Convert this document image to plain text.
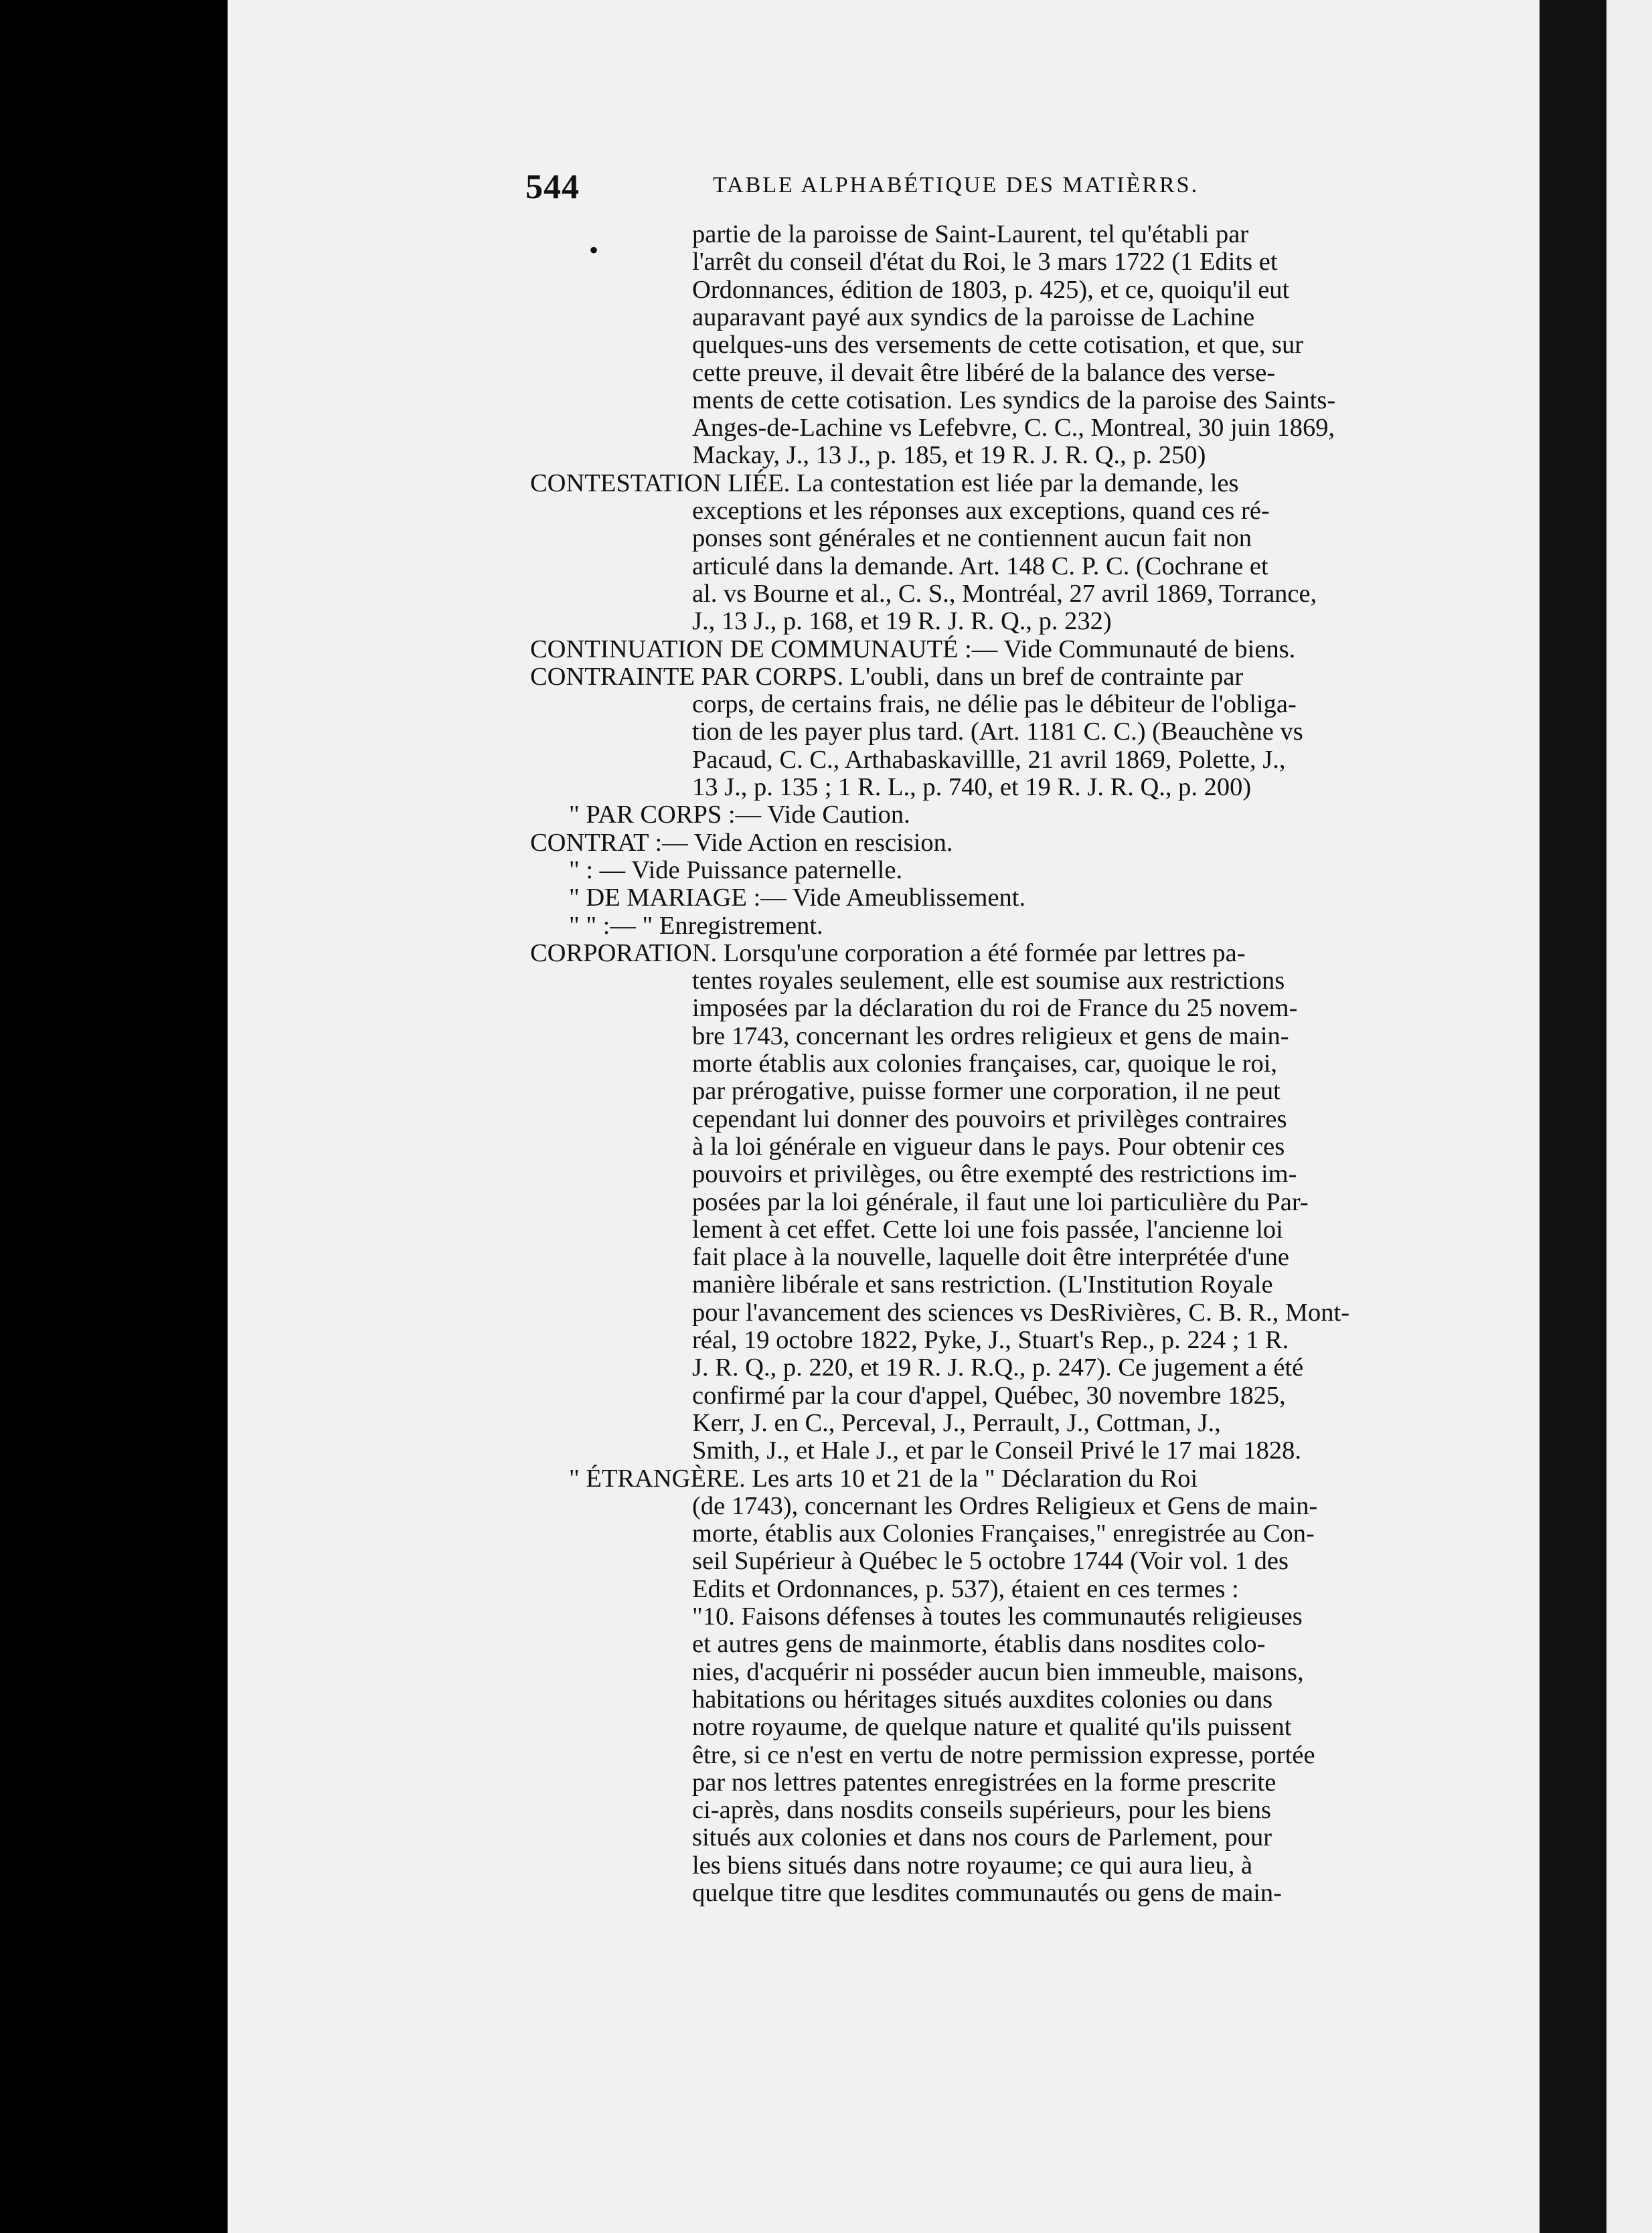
544	TABLE ALPHABÉTIQUE DES MATIÈRRS.
•
partie de la paroisse de Saint-Laurent, tel qu'établi par
l'arrêt du conseil d'état du Roi, le 3 mars 1722 (1 Edits et
Ordonnances, édition de 1803, p. 425), et ce, quoiqu'il eut
auparavant payé aux syndics de la paroisse de Lachine
quelques-uns des versements de cette cotisation, et que, sur
cette preuve, il devait être libéré de la balance des verse-
ments de cette cotisation. Les syndics de la paroise des Saints-
Anges-de-Lachine vs Lefebvre, C. C., Montreal, 30 juin 1869,
Mackay, J., 13 J., p. 185, et 19 R. J. R. Q., p. 250)
CONTESTATION LIÉE. La contestation est liée par la demande, les
exceptions et les réponses aux exceptions, quand ces ré-
ponses sont générales et ne contiennent aucun fait non
articulé dans la demande. Art. 148 C. P. C. (Cochrane et
al. vs Bourne et al., C. S., Montréal, 27 avril 1869, Torrance,
J., 13 J., p. 168, et 19 R. J. R. Q., p. 232)
CONTINUATION DE COMMUNAUTÉ :— Vide Communauté de biens.
CONTRAINTE PAR CORPS. L'oubli, dans un bref de contrainte par
corps, de certains frais, ne délie pas le débiteur de l'obliga-
tion de les payer plus tard. (Art. 1181 C. C.) (Beauchène vs
Pacaud, C. C., Arthabaskavillle, 21 avril 1869, Polette, J.,
13 J., p. 135 ; 1 R. L., p. 740, et 19 R. J. R. Q., p. 200)
" PAR CORPS :— Vide Caution.
CONTRAT :— Vide Action en rescision.
" : — Vide Puissance paternelle.
" DE MARIAGE :— Vide Ameublissement.
" " :— " Enregistrement.
CORPORATION. Lorsqu'une corporation a été formée par lettres pa-
tentes royales seulement, elle est soumise aux restrictions
imposées par la déclaration du roi de France du 25 novem-
bre 1743, concernant les ordres religieux et gens de main-
morte établis aux colonies françaises, car, quoique le roi,
par prérogative, puisse former une corporation, il ne peut
cependant lui donner des pouvoirs et privilèges contraires
à la loi générale en vigueur dans le pays. Pour obtenir ces
pouvoirs et privilèges, ou être exempté des restrictions im-
posées par la loi générale, il faut une loi particulière du Par-
lement à cet effet. Cette loi une fois passée, l'ancienne loi
fait place à la nouvelle, laquelle doit être interprétée d'une
manière libérale et sans restriction. (L'Institution Royale
pour l'avancement des sciences vs DesRivières, C. B. R., Mont-
réal, 19 octobre 1822, Pyke, J., Stuart's Rep., p. 224 ; 1 R.
J. R. Q., p. 220, et 19 R. J. R.Q., p. 247). Ce jugement a été
confirmé par la cour d'appel, Québec, 30 novembre 1825,
Kerr, J. en C., Perceval, J., Perrault, J., Cottman, J.,
Smith, J., et Hale J., et par le Conseil Privé le 17 mai 1828.
" ÉTRANGÈRE. Les arts 10 et 21 de la " Déclaration du Roi
(de 1743), concernant les Ordres Religieux et Gens de main-
morte, établis aux Colonies Françaises," enregistrée au Con-
seil Supérieur à Québec le 5 octobre 1744 (Voir vol. 1 des
Edits et Ordonnances, p. 537), étaient en ces termes :
"10. Faisons défenses à toutes les communautés religieuses
et autres gens de mainmorte, établis dans nosdites colo-
nies, d'acquérir ni posséder aucun bien immeuble, maisons,
habitations ou héritages situés auxdites colonies ou dans
notre royaume, de quelque nature et qualité qu'ils puissent
être, si ce n'est en vertu de notre permission expresse, portée
par nos lettres patentes enregistrées en la forme prescrite
ci-après, dans nosdits conseils supérieurs, pour les biens
situés aux colonies et dans nos cours de Parlement, pour
les biens situés dans notre royaume; ce qui aura lieu, à
quelque titre que lesdites communautés ou gens de main-
